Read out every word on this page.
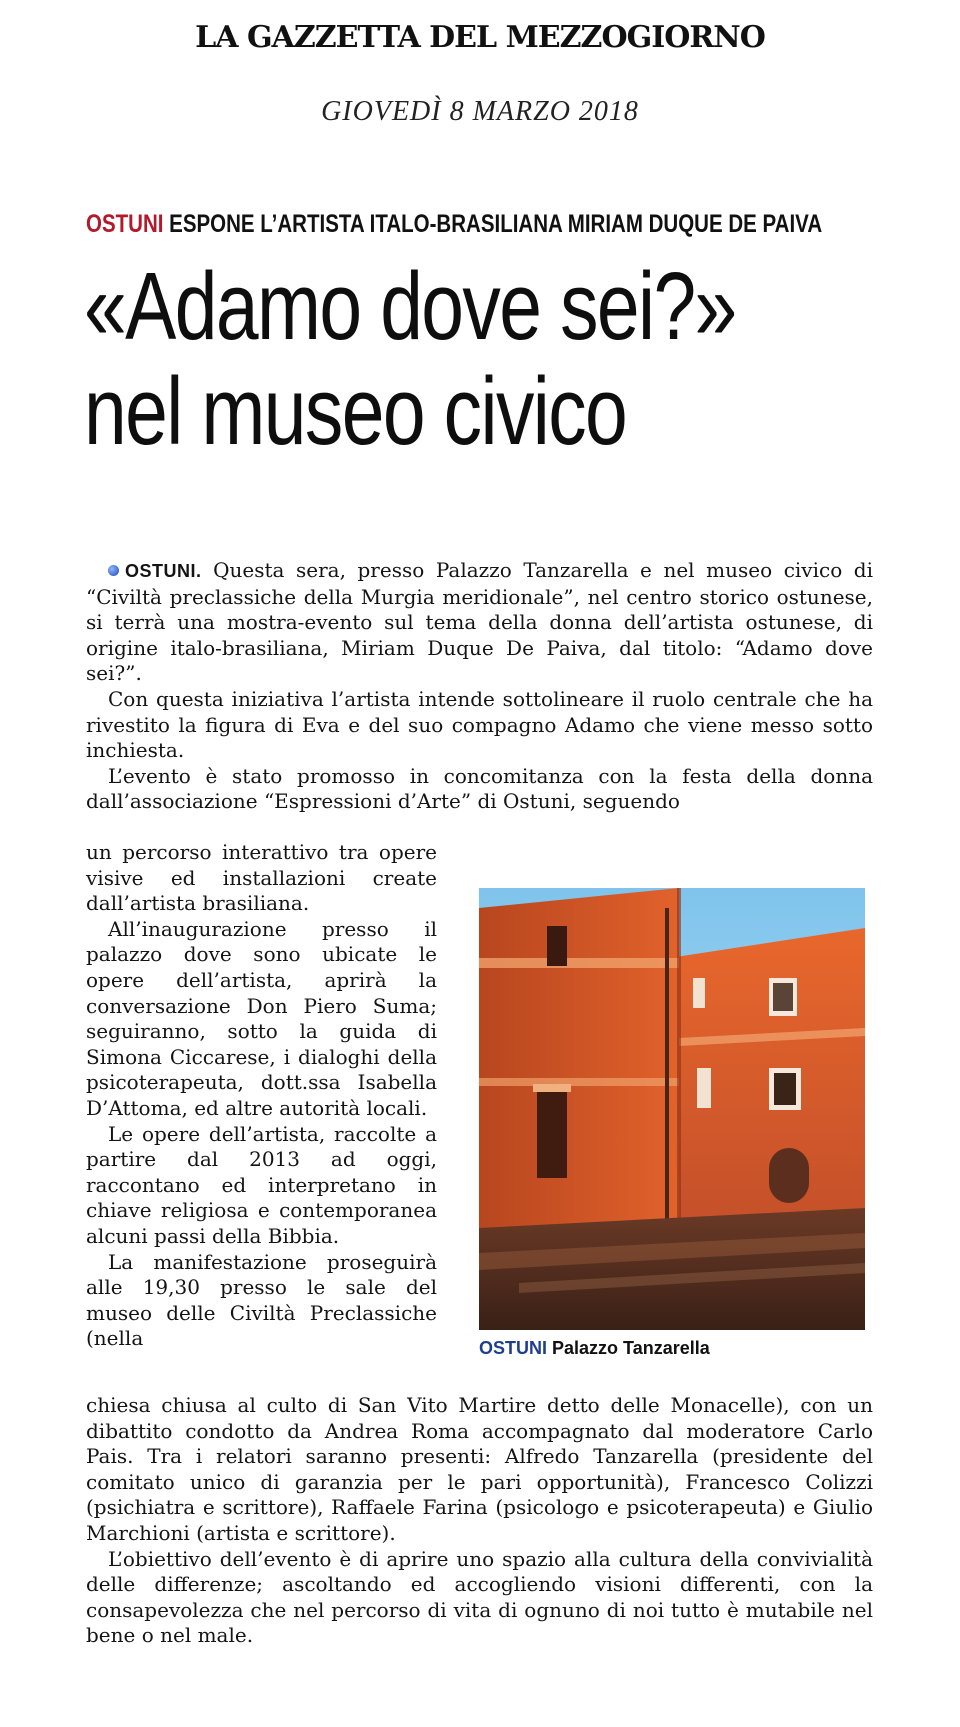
LA GAZZETTA DEL MEZZOGIORNO
GIOVEDÌ 8 MARZO 2018
OSTUNI ESPONE L’ARTISTA ITALO-BRASILIANA MIRIAM DUQUE DE PAIVA
«Adamo dove sei?»
nel museo civico

OSTUNI. Questa sera, presso Palazzo Tanzarella e nel museo civico di “Civiltà preclassiche della Murgia meridionale”, nel centro storico ostunese, si terrà una mostra-evento sul tema della donna dell’artista ostunese, di origine italo-brasiliana, Miriam Duque De Paiva, dal titolo: “Adamo dove sei?”.

Con questa iniziativa l’artista intende sottolineare il ruolo centrale che ha rivestito la figura di Eva e del suo compagno Adamo che viene messo sotto inchiesta.

L’evento è stato promosso in concomitanza con la festa della donna dall’associazione “Espressioni d’Arte” di Ostuni, seguendo

un percorso interattivo tra opere visive ed installazioni create dall’artista brasiliana.

All’inaugurazione presso il palazzo dove sono ubicate le opere dell’artista, aprirà la conversazione Don Piero Suma; seguiranno, sotto la guida di Simona Ciccarese, i dialoghi della psicoterapeuta, dott.ssa Isabella D’Attoma, ed altre autorità locali.

Le opere dell’artista, raccolte a partire dal 2013 ad oggi, raccontano ed interpretano in chiave religiosa e contemporanea alcuni passi della Bibbia.

La manifestazione proseguirà alle 19,30 presso le sale del museo delle Civiltà Preclassiche (nella	OSTUNI Palazzo Tanzarella

chiesa chiusa al culto di San Vito Martire detto delle Monacelle), con un dibattito condotto da Andrea Roma accompagnato dal moderatore Carlo Pais. Tra i relatori saranno presenti: Alfredo Tanzarella (presidente del comitato unico di garanzia per le pari opportunità), Francesco Colizzi (psichiatra e scrittore), Raffaele Farina (psicologo e psicoterapeuta) e Giulio Marchioni (artista e scrittore).

L’obiettivo dell’evento è di aprire uno spazio alla cultura della convivialità delle differenze; ascoltando ed accogliendo visioni differenti, con la consapevolezza che nel percorso di vita di ognuno di noi tutto è mutabile nel bene o nel male.
